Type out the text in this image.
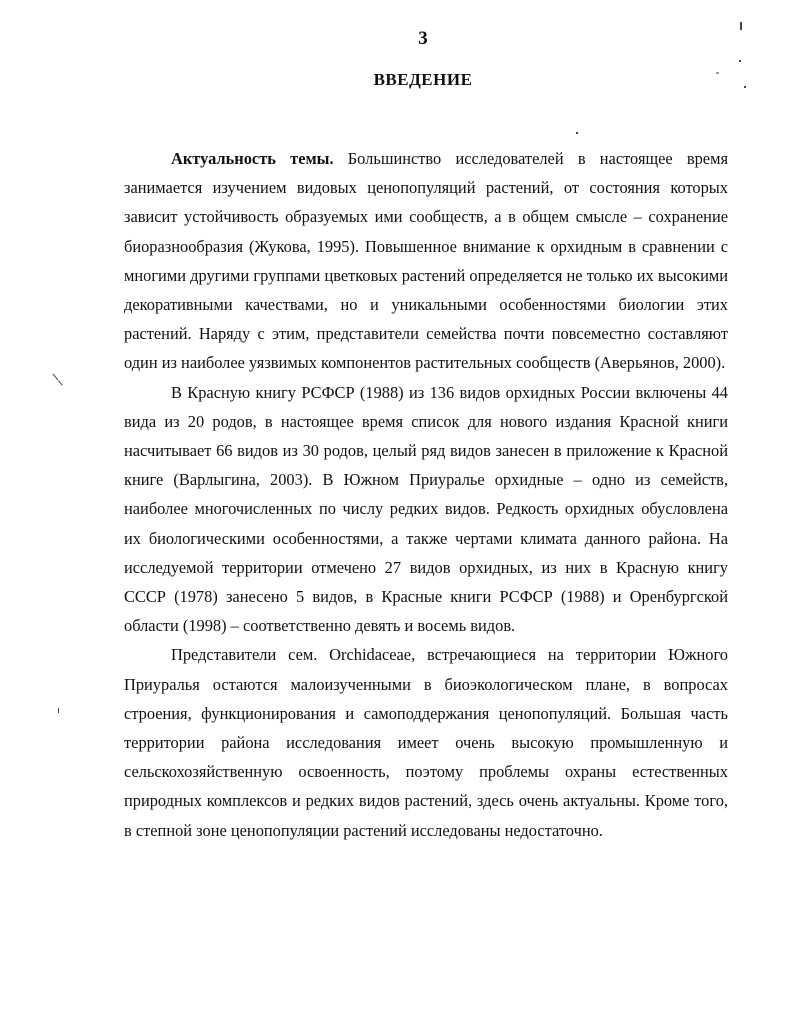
3
ВВЕДЕНИЕ

Актуальность темы. Большинство исследователей в настоящее время занимается изучением видовых ценопопуляций растений, от состояния которых зависит устойчивость образуемых ими сообществ, а в общем смысле – сохранение биоразнообразия (Жукова, 1995). Повышенное внимание к орхидным в сравнении с многими другими группами цветковых растений определяется не только их высокими декоративными качествами, но и уникальными особенностями биологии этих растений. Наряду с этим, представители семейства почти повсеместно составляют один из наиболее уязвимых компонентов растительных сообществ (Аверьянов, 2000).

В Красную книгу РСФСР (1988) из 136 видов орхидных России включены 44 вида из 20 родов, в настоящее время список для нового издания Красной книги насчитывает 66 видов из 30 родов, целый ряд видов занесен в приложение к Красной книге (Варлыгина, 2003). В Южном Приуралье орхидные – одно из семейств, наиболее многочисленных по числу редких видов. Редкость орхидных обусловлена их биологическими особенностями, а также чертами климата данного района. На исследуемой территории отмечено 27 видов орхидных, из них в Красную книгу СССР (1978) занесено 5 видов, в Красные книги РСФСР (1988) и Оренбургской области (1998) – соответственно девять и восемь видов.

Представители сем. Orchidaceae, встречающиеся на территории Южного Приуралья остаются малоизученными в биоэкологическом плане, в вопросах строения, функционирования и самоподдержания ценопопуляций. Большая часть территории района исследования имеет очень высокую промышленную и сельскохозяйственную освоенность, поэтому проблемы охраны естественных природных комплексов и редких видов растений, здесь очень актуальны. Кроме того, в степной зоне ценопопуляции растений исследованы недостаточно.
